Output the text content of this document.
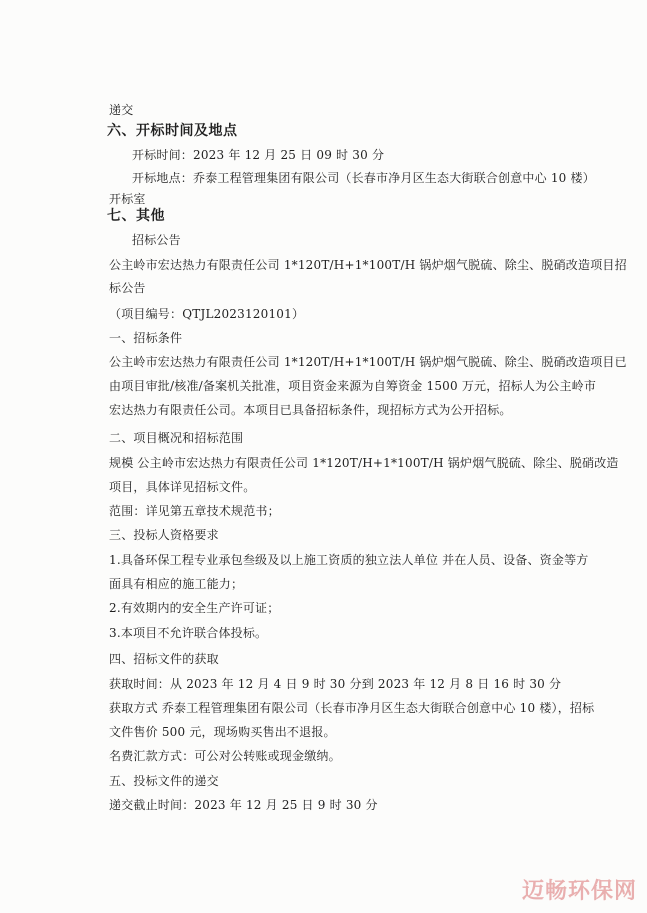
递交
六、开标时间及地点
开标时间：2023 年 12 月 25 日 09 时 30 分
开标地点：乔泰工程管理集团有限公司（长春市净月区生态大街联合创意中心 10 楼）
开标室
七、其他
招标公告
公主岭市宏达热力有限责任公司 1*120T/H+1*100T/H 锅炉烟气脱硫、除尘、脱硝改造项目招
标公告
（项目编号：QTJL2023120101）
一、招标条件
公主岭市宏达热力有限责任公司 1*120T/H+1*100T/H 锅炉烟气脱硫、除尘、脱硝改造项目已
由项目审批/核准/备案机关批准，项目资金来源为自筹资金 1500 万元，招标人为公主岭市
宏达热力有限责任公司。本项目已具备招标条件，现招标方式为公开招标。
二、项目概况和招标范围
规模 公主岭市宏达热力有限责任公司 1*120T/H+1*100T/H 锅炉烟气脱硫、除尘、脱硝改造
项目，具体详见招标文件。
范围：详见第五章技术规范书；
三、投标人资格要求
1.具备环保工程专业承包叁级及以上施工资质的独立法人单位 并在人员、设备、资金等方
面具有相应的施工能力；
2.有效期内的安全生产许可证；
3.本项目不允许联合体投标。
四、招标文件的获取
获取时间：从 2023 年 12 月 4 日 9 时 30 分到 2023 年 12 月 8 日 16 时 30 分
获取方式 乔泰工程管理集团有限公司（长春市净月区生态大街联合创意中心 10 楼），招标
文件售价 500 元，现场购买售出不退报。
名费汇款方式：可公对公转账或现金缴纳。
五、投标文件的递交
递交截止时间：2023 年 12 月 25 日 9 时 30 分
迈畅环保网
